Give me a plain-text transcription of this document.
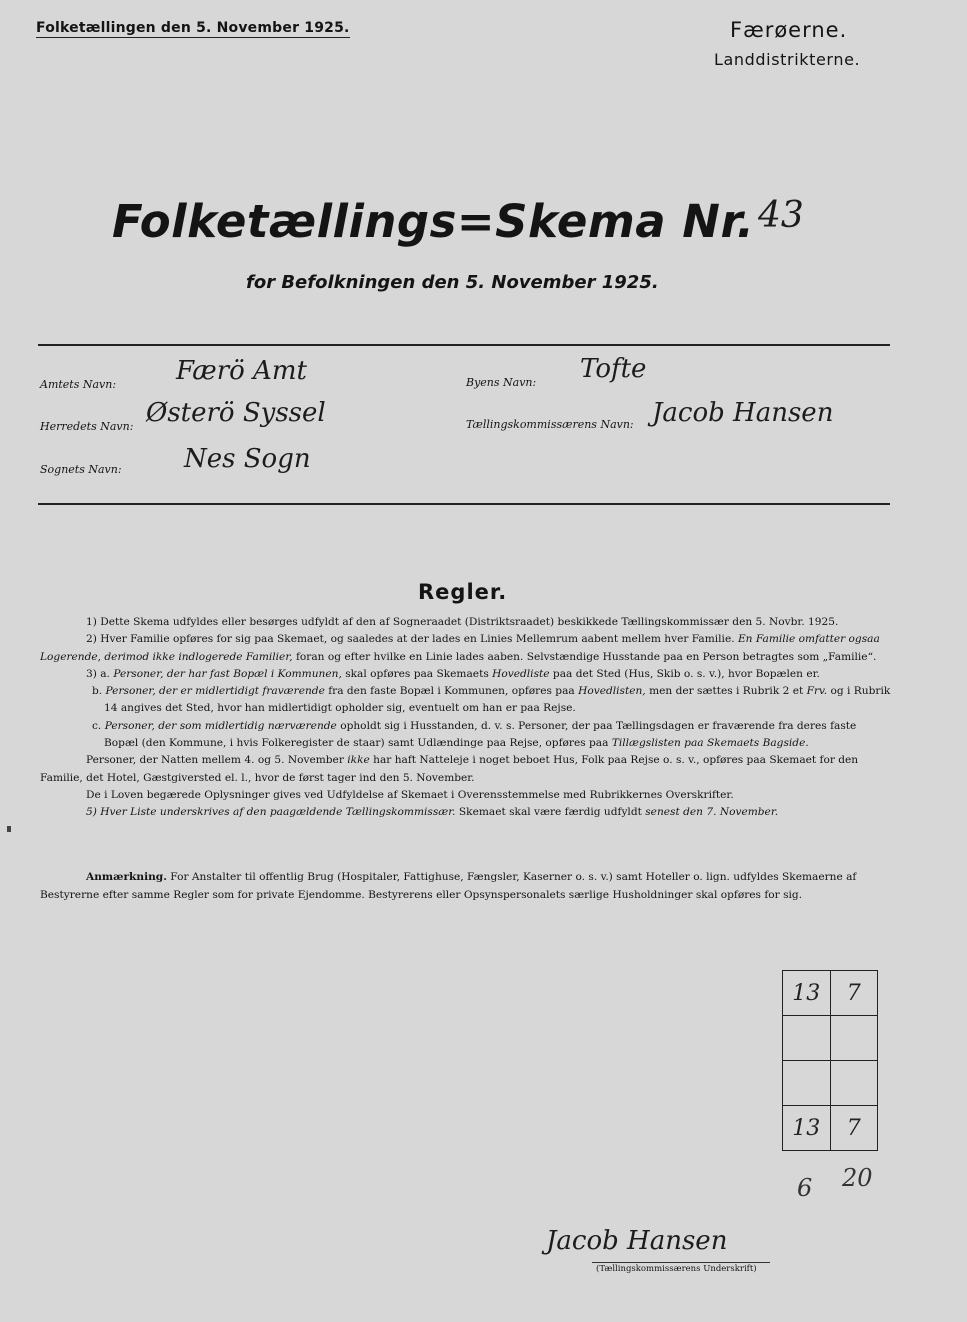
Folketællingen den 5. November 1925.	Færøerne.
Landdistrikterne.
Folketællings=Skema Nr. 43
for Befolkningen den 5. November 1925.
Amtets Navn: Færö Amt
Herredets Navn: Østerö Syssel
Sognets Navn: Nes Sogn
Byens Navn: Tofte
Tællingskommissærens Navn: Jacob Hansen
Regler.

1) Dette Skema udfyldes eller besørges udfyldt af den af Sogneraadet (Distriktsraadet) beskikkede Tællingskommissær den 5. Novbr. 1925.

2) Hver Familie opføres for sig paa Skemaet, og saaledes at der lades en Linies Mellemrum aabent mellem hver Familie. En Familie omfatter ogsaa Logerende, derimod ikke indlogerede Familier, foran og efter hvilke en Linie lades aaben. Selvstændige Husstande paa en Person betragtes som „Familie“.

3) a. Personer, der har fast Bopæl i Kommunen, skal opføres paa Skemaets Hovedliste paa det Sted (Hus, Skib o. s. v.), hvor Bopælen er.

b. Personer, der er midlertidigt fraværende fra den faste Bopæl i Kommunen, opføres paa Hovedlisten, men der sættes i Rubrik 2 et Frv. og i Rubrik 14 angives det Sted, hvor han midlertidigt opholder sig, eventuelt om han er paa Rejse.

c. Personer, der som midlertidig nærværende opholdt sig i Husstanden, d. v. s. Personer, der paa Tællingsdagen er fraværende fra deres faste Bopæl (den Kommune, i hvis Folkeregister de staar) samt Udlændinge paa Rejse, opføres paa Tillægslisten paa Skemaets Bagside.

Personer, der Natten mellem 4. og 5. November ikke har haft Natteleje i noget beboet Hus, Folk paa Rejse o. s. v., opføres paa Skemaet for den Familie, det Hotel, Gæstgiversted el. l., hvor de først tager ind den 5. November.

De i Loven begærede Oplysninger gives ved Udfyldelse af Skemaet i Overensstemmelse med Rubrikkernes Overskrifter.

5) Hver Liste underskrives af den paagældende Tællingskommissær. Skemaet skal være færdig udfyldt senest den 7. November.

Anmærkning. For Anstalter til offentlig Brug (Hospitaler, Fattighuse, Fængsler, Kaserner o. s. v.) samt Hoteller o. lign. udfyldes Skemaerne af Bestyrerne efter samme Regler som for private Ejendomme. Bestyrerens eller Opsynspersonalets særlige Husholdninger skal opføres for sig.
13	7

13	7
6 20
Jacob Hansen
(Tællingskommissærens Underskrift)
